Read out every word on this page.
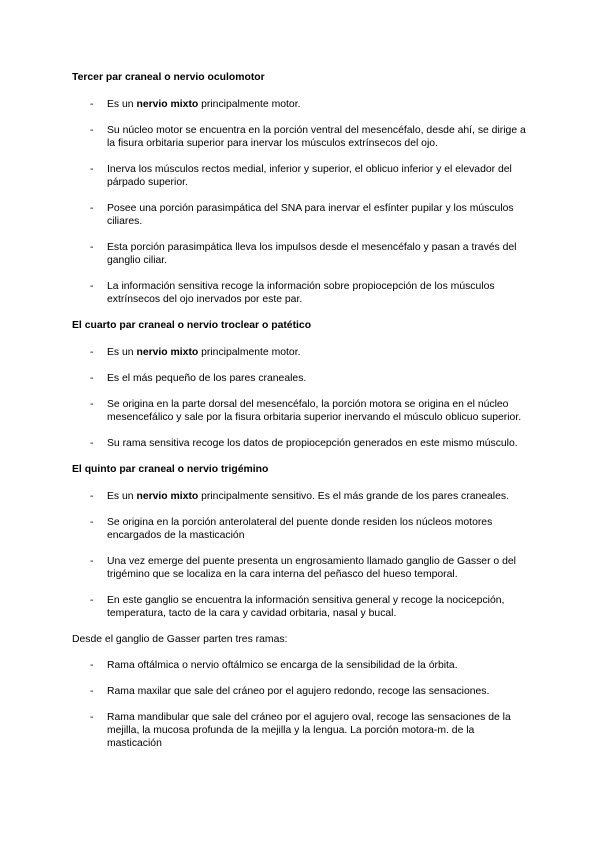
Tercer par craneal o nervio oculomotor
- Es un nervio mixto principalmente motor.
- Su núcleo motor se encuentra en la porción ventral del mesencéfalo, desde ahí, se dirige a la fisura orbitaria superior para inervar los músculos extrínsecos del ojo.
- Inerva los músculos rectos medial, inferior y superior, el oblicuo inferior y el elevador del párpado superior.
- Posee una porción parasimpática del SNA para inervar el esfínter pupilar y los músculos ciliares.
- Esta porción parasimpática lleva los impulsos desde el mesencéfalo y pasan a través del ganglio ciliar.
- La información sensitiva recoge la información sobre propiocepción de los músculos extrínsecos del ojo inervados por este par.
El cuarto par craneal o nervio troclear o patético
- Es un nervio mixto principalmente motor.
- Es el más pequeño de los pares craneales.
- Se origina en la parte dorsal del mesencéfalo, la porción motora se origina en el núcleo mesencefálico y sale por la fisura orbitaria superior inervando el músculo oblicuo superior.
- Su rama sensitiva recoge los datos de propiocepción generados en este mismo músculo.
El quinto par craneal o nervio trigémino
- Es un nervio mixto principalmente sensitivo. Es el más grande de los pares craneales.
- Se origina en la porción anterolateral del puente donde residen los núcleos motores encargados de la masticación
- Una vez emerge del puente presenta un engrosamiento llamado ganglio de Gasser o del trigémino que se localiza en la cara interna del peñasco del hueso temporal.
- En este ganglio se encuentra la información sensitiva general y recoge la nocicepción, temperatura, tacto de la cara y cavidad orbitaria, nasal y bucal.
Desde el ganglio de Gasser parten tres ramas:
- Rama oftálmica o nervio oftálmico se encarga de la sensibilidad de la órbita.
- Rama maxilar que sale del cráneo por el agujero redondo, recoge las sensaciones.
- Rama mandibular que sale del cráneo por el agujero oval, recoge las sensaciones de la mejilla, la mucosa profunda de la mejilla y la lengua. La porción motora-m. de la masticación
